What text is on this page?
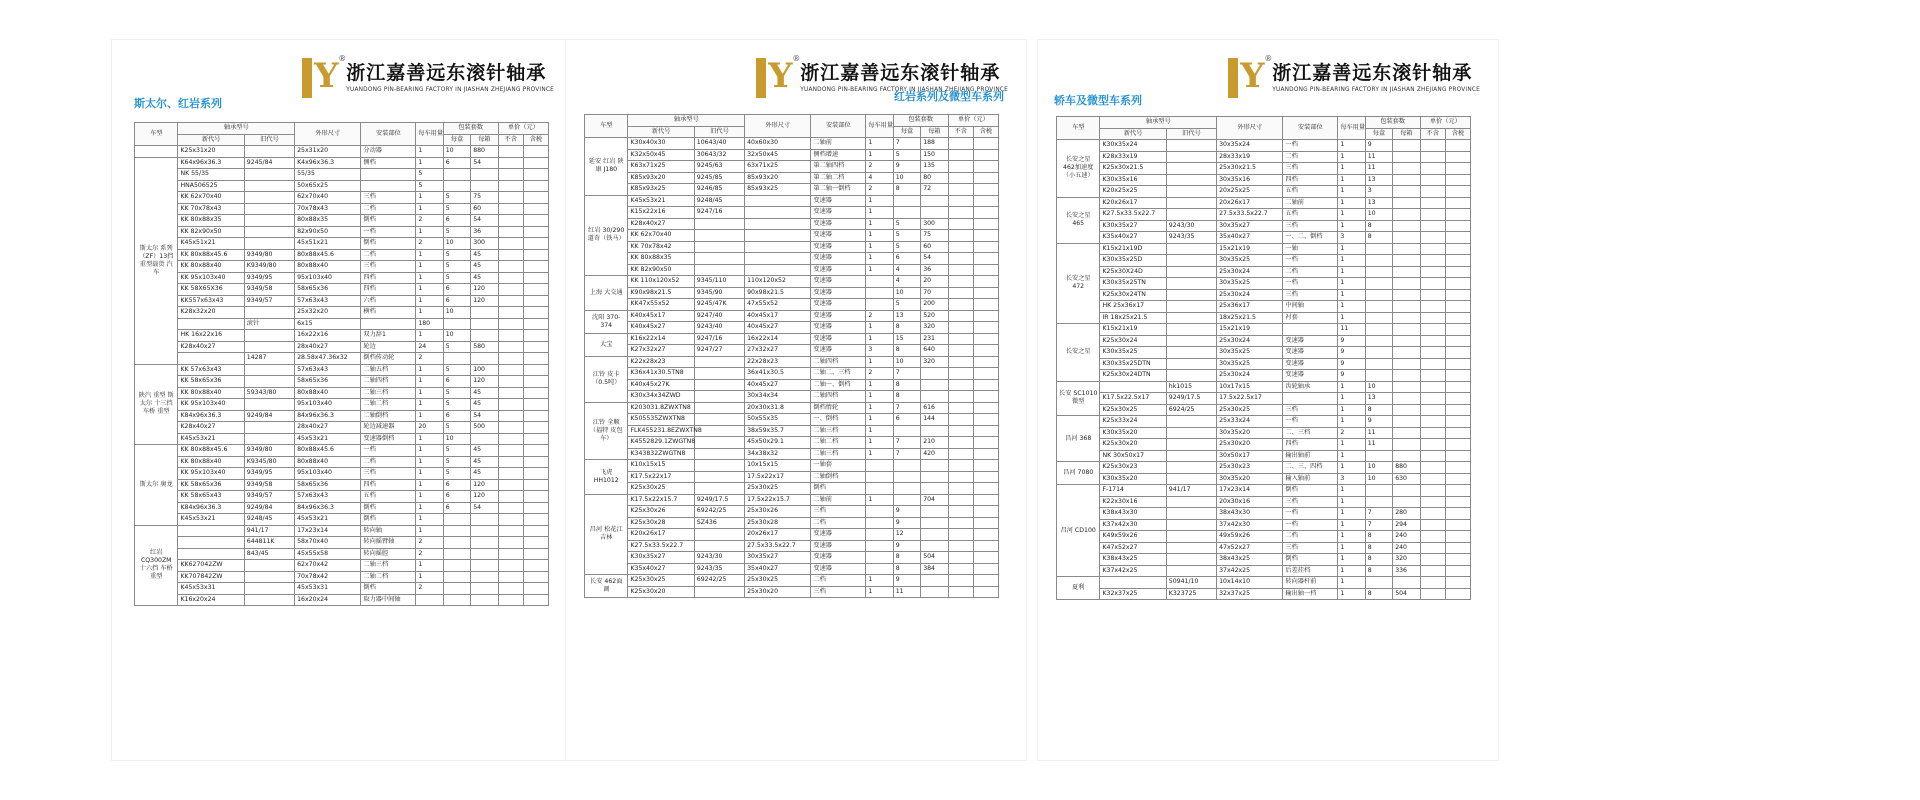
Y ®
浙江嘉善远东滚针轴承
YUANDONG PIN-BEARING FACTORY IN JIASHAN ZHEJIANG PROVINCE
斯太尔、红岩系列
车型	轴承型号		外形尺寸	安装部位	每车用量	包装套数		单价（元）	
	新代号	旧代号				每盒	每箱	不含	含税
	K25x31x20		25x31x20	分动器	1	10	880		
斯太尔 系列（ZF）13挡 重型载货 汽车	K64x96x36.3	9245/84	K4x96x36.3	侧档	1	6	54		
	NK 55/35		55/35		5				
	HNA506525		50x65x25		5				
	KK 62x70x40		62x70x40	三档	1	5	75		
	KK 70x78x43		70x78x43	二档	1	5	60		
	KK 80x88x35		80x88x35	倒档	2	6	54		
	KK 82x90x50		82x90x50	一档	1	5	36		
	K45x51x21		45x51x21	倒档	2	10	300		
	KK 80x88x45.6	9349/80	80x88x45.6	二档	1	5	45		
	KK 80x88x40	K9349/80	80x88x40	三档	1	5	45		
	KK 95x103x40	9349/95	95x103x40	四档	1	5	45		
	KK 58X65X36	9349/58	58x65x36	四档	1	6	120		
	KK557x63x43	9349/57	57x63x43	六档	1	6	120		
	K28x32x20		25x32x20	横档	1	10			
		滚针	6x15		180				
	HK 16x22x16		16x22x16	双力辞1	1	10			
	K28x40x27		28x40x27	轮边	24	5	580		
		14287	28.58x47.36x32	倒档传动轮	2				
陕汽 重型 斯太尔 十三挡 车桥 重型	KK 57x63x43		57x63x43	二轴五档	1	5	100		
	KK 58x65x36		58x65x36	二轴四档	1	6	120		
	KK 80x88x40	59343/80	80x88x40	二轴三档	1	5	45		
	KK 95x103x40		95x103x40	二轴二档	1	5	45		
	K84x96x36.3	9249/84	84x96x36.3	二轴倒档	1	6	54		
	K28x40x27		28x40x27	轮边减速器	20	5	500		
	K45x53x21		45x53x21	变速器倒档	1	10			
斯太尔 奥龙	KK 80x88x45.6	9349/80	80x88x45.6	一档	1	5	45		
	KK 80x88x40	K9345/80	80x88x40	二档	1	5	45		
	KK 95x103x40	9349/95	95x103x40	三档	1	5	45		
	KK 58x65x36	9349/58	58x65x36	四档	1	6	120		
	KK 58x65x43	9349/57	57x63x43	五档	1	6	120		
	K84x96x36.3	9249/84	84x96x36.3	倒档	1	6	54		
	K45x53x21	9248/45	45x53x21	倒档	1				
红岩 CQ300ZM 十六挡 车桥 重型		941/17	17x23x14	转向轴	1				
		644811K	58x70x40	转向摇臂轴	2				
		843/45	45x55x58	转向摇腔	2				
	KK627042ZW		62x70x42	二轴三档	1				
	KK707842ZW		70x78x42	二轴二档	1				
	K45x53x31		45x53x31	倒档	2				
	K16x20x24		16x20x24	取力器中间轴					
Y ®
浙江嘉善远东滚针轴承
YUANDONG PIN-BEARING FACTORY IN JIASHAN ZHEJIANG PROVINCE
红岩系列及微型车系列
车型	轴承型号		外形尺寸	安装部位	每车用量	包装套数		单价（元）	
	新代号	旧代号				每盒	每箱	不含	含税
延安 红岩 陕康 J180	K30x40x30	10643/40	40x60x30	二轴前	1	7	188		
	K32x50x45	30643/32	32x50x45	侧档增速	1	5	150		
	K63x71x25	9245/63	63x71x25	第二轴四档	2	9	135		
	K85x93x20	9245/85	85x93x20	第二轴二档	4	10	80		
	K85x93x25	9246/85	85x93x25	第二轴一倒档	2	8	72		
红岩 30/290 道奇（铁马）	K45x53x21	9248/45		变速器	1				
	K15x22x16	9247/16		变速器	1				
	K28x40x27			变速器	1	5	300		
	KK 62x70x40			变速器	1	5	75		
	KK 70x78x42			变速器	1	5	60		
	KK 80x88x35			变速器	1	6	54		
	KK 82x90x50			变速器	1	4	36		
上海 大交通	KK 110x120x52	9345/110	110x120x52	变速器		4	20		
	K90x98x21.5	9345/90	90x98x21.5	变速器		10	70		
	KK47x55x52	9245/47K	47x55x52	变速器		5	200		
沈阳 370-374	K40x45x17	9247/40	40x45x17	变速器	2	13	520		
	K40x45x27	9243/40	40x45x27	变速器	1	8	320		
大宝	K16x22x14	9247/16	16x22x14	变速器	1	15	231		
	K27x32x27	9247/27	27x32x27	变速器	3	8	640		
江铃 皮卡（0.5吨）	K22x28x23		22x28x23	二轴四档	1	10	320		
	K36x41x30.5TN8		36x41x30.5	二轴二、三档	2	7			
	K40x45x27K		40x45x27	二轴一、倒档	1	8			
	K30x34x34ZWD		30x34x34	二轴四档	1	8			
江铃 全顺（福特 皮包车）	K203031.8ZWXTN8		20x30x31.8	倒档惰轮	1	7	616		
	K505535ZWXTN8		50x55x35	一、倒档	1	6	144		
	FLK455231.8EZWXTN8		38x59x35.7	二轴三档	1				
	K4552829.1ZWGTN8		45x50x29.1	二轴二档	1	7	210		
	K343832ZWGTN8		34x38x32	二轴三档	1	7	420		
飞虎 HH1012	K10x15x15		10x15x15	一轴套					
	K17.5x22x17		17.5x22x17	二轴倒档					
	K25x30x25		25x30x25	倒档					
昌河 松花江 吉林	K17.5x22x15.7	9249/17.5	17.5x22x15.7	二轴前	1		704		
	K25x30x26	69242/25	25x30x26	三档		9			
	K25x30x28	SZ436	25x30x28	二档		9			
	K20x26x17		20x26x17	变速器		12			
	K27.5x33.5x22.7		27.5x33.5x22.7	变速器		9			
	K30x35x27	9243/30	30x35x27	变速器		8	504		
	K35x40x27	9243/35	35x40x27	变速器		8	384		
长安 462面调	K25x30x25	69242/25	25x30x25	二档	1	9			
	K25x30x20		25x30x20	三档	1	11			
Y ®
浙江嘉善远东滚针轴承
YUANDONG PIN-BEARING FACTORY IN JIASHAN ZHEJIANG PROVINCE
轿车及微型车系列
车型	轴承型号		外形尺寸	安装部位	每车用量	包装套数		单价（元）	
	新代号	旧代号				每盒	每箱	不含	含税
长安之星 462加速度（小五速）	K30x35x24		30x35x24	一档	1	9			
	K28x33x19		28x33x19	二档	1	11			
	K25x30x21.5		25x30x21.5	三档	1	11			
	K30x35x16		30x35x16	四档	1	13			
	K20x25x25		20x25x25	五档	1	3			
长安之星 465	K20x26x17		20x26x17	二轴前	1	13			
	K27.5x33.5x22.7		27.5x33.5x22.7	五档	1	10			
	K30x35x27	9243/30	30x35x27	三档	1	8			
	K35x40x27	9243/35	35x40x27	一、二、倒档	3	8			
长安之星 472	K15x21x19D		15x21x19	一轴	1				
	K30x35x25D		30x35x25	一档	1				
	K25x30X24D		25x30x24	二档	1				
	K30x35x25TN		30x35x25	一档	1				
	K25x30x24TN		25x30x24	三档	1				
	HK 25x36x17		25x36x17	中间轴	1				
	IR 18x25x21.5		18x25x21.5	衬套	1				
长安之星	K15x21x19		15x21x19		11				
	K25x30x24		25x30x24	变速器	9				
	K30x35x25		30x35x25	变速器	9				
	K30x35x25DTN		30x35x25	变速器	9				
	K25x30x24DTN		25x30x24	变速器	9				
长安 SC1010 微型		hk1015	10x17x15	齿轮轴承	1	10			
	K17.5x22.5x17	9249/17.5	17.5x22.5x17		1	13			
	K25x30x25	6924/25	25x30x25	三档	1	8			
昌河 368	K25x33x24		25x33x24	一档	1	9			
	K30x35x20		30x35x20	二、三档	2	11			
	K25x30x20		25x30x20	四档	1	11			
	NK 30x50x17		30x50x17	输出轴前	1				
昌河 7080	K25x30x23		25x30x23	二、三、四档	1	10	880		
	K30x35x20		30x35x20	输入轴前	3	10	630		
昌河 CD100	F-1714	941/17	17x23x14	倒档	1				
	K22x30x16		20x30x16	三档	1				
	K38x43x30		38x43x30	一档	1	7	280		
	K37x42x30		37x42x30	一档	1	7	294		
	K49x59x26		49x59x26	二档	1	8	240		
	K47x52x27		47x52x27	三档	1	8	240		
	K38x43x25		38x43x25	倒档	1	8	320		
	K37x42x25		37x42x25	后差挂档	1	8	336		
夏利		50941/10	10x14x10	转向器杆前	1				
	K32x37x25	K323725	32x37x25	输出轴一档	1	8	504		
